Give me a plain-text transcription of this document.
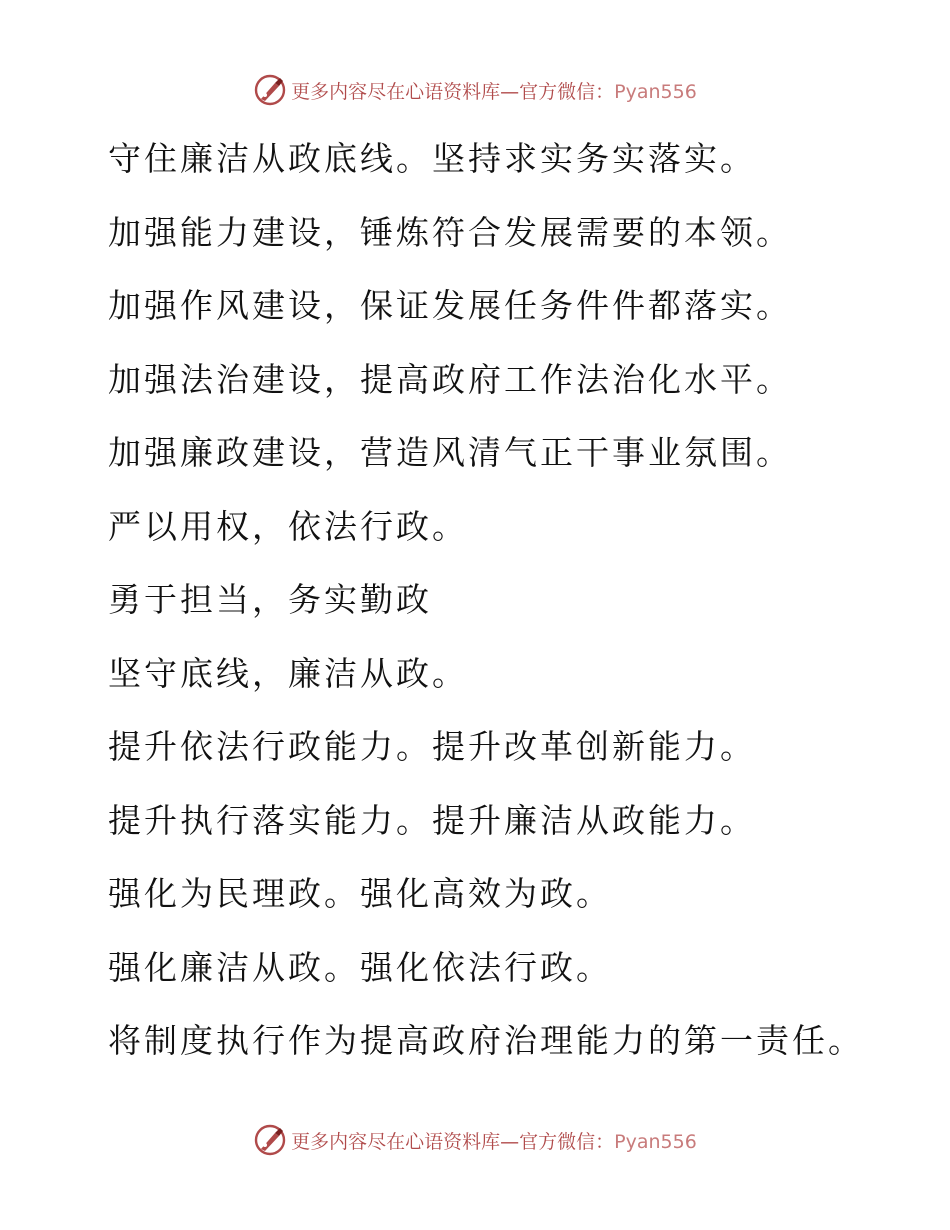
更多内容尽在心语资料库—官方微信：Pyan556
守住廉洁从政底线。坚持求实务实落实。
加强能力建设，锤炼符合发展需要的本领。
加强作风建设，保证发展任务件件都落实。
加强法治建设，提高政府工作法治化水平。
加强廉政建设，营造风清气正干事业氛围。
严以用权，依法行政。
勇于担当，务实勤政
坚守底线，廉洁从政。
提升依法行政能力。提升改革创新能力。
提升执行落实能力。提升廉洁从政能力。
强化为民理政。强化高效为政。
强化廉洁从政。强化依法行政。
将制度执行作为提高政府治理能力的第一责任。
更多内容尽在心语资料库—官方微信：Pyan556
